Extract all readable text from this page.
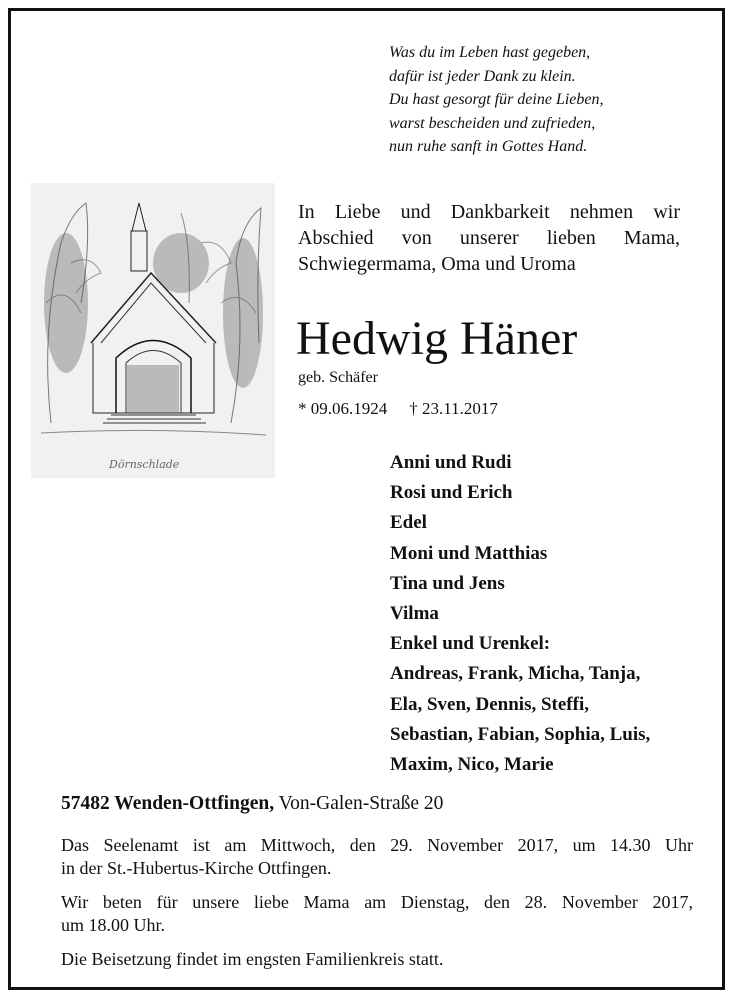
Was du im Leben hast gegeben,
dafür ist jeder Dank zu klein.
Du hast gesorgt für deine Lieben,
warst bescheiden und zufrieden,
nun ruhe sanft in Gottes Hand.
Dörnschlade
In Liebe und Dankbarkeit nehmen wir
Abschied von unserer lieben Mama,
Schwiegermama, Oma und Uroma
Hedwig Häner
geb. Schäfer
* 09.06.1924 † 23.11.2017
Anni und Rudi
Rosi und Erich
Edel
Moni und Matthias
Tina und Jens
Vilma
Enkel und Urenkel:
Andreas, Frank, Micha, Tanja,
Ela, Sven, Dennis, Steffi,
Sebastian, Fabian, Sophia, Luis,
Maxim, Nico, Marie
57482 Wenden-Ottfingen, Von-Galen-Straße 20
Das Seelenamt ist am Mittwoch, den 29. November 2017, um 14.30 Uhr
in der St.-Hubertus-Kirche Ottfingen.
Wir beten für unsere liebe Mama am Dienstag, den 28. November 2017,
um 18.00 Uhr.
Die Beisetzung findet im engsten Familienkreis statt.
